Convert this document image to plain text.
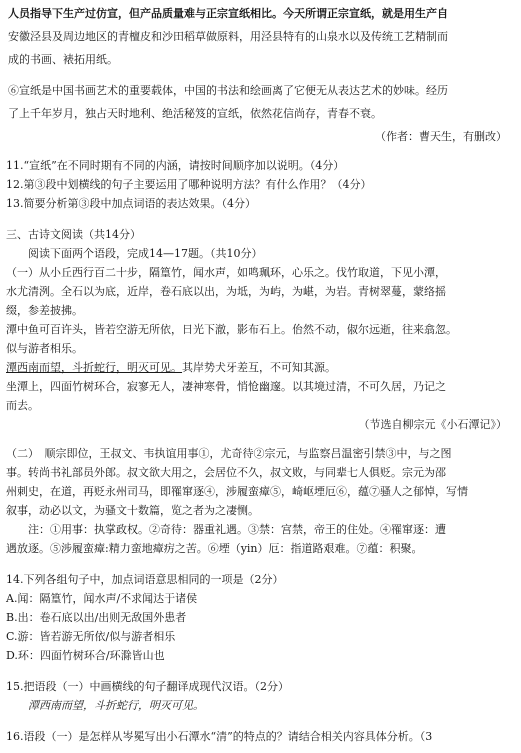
人员指导下生产过仿宣，但产品质量难与正宗宣纸相比。今天所谓正宗宣纸，就是用生产自

安徽泾县及周边地区的青檀皮和沙田稻草做原料，用泾县特有的山泉水以及传统工艺精制而

成的书画、裱拓用纸。

⑥宣纸是中国书画艺术的重要载体，中国的书法和绘画离了它便无从表达艺术的妙味。经历

了上千年岁月，独占天时地利、绝活秘笈的宣纸，依然花信尚存，青春不衰。

（作者：曹天生，有删改）

11.“宣纸”在不同时期有不同的内涵，请按时间顺序加以说明。（4分）

12.第③段中划横线的句子主要运用了哪种说明方法？有什么作用？（4分）

13.简要分析第③段中加点词语的表达效果。（4分）

三、古诗文阅读（共14分）

阅读下面两个语段，完成14—17题。（共10分）

（一）从小丘西行百二十步，隔篁竹，闻水声，如鸣珮环，心乐之。伐竹取道，下见小潭，

水尤清洌。全石以为底，近岸，卷石底以出，为坻，为屿，为嵁，为岩。青树翠蔓，蒙络摇

缀，参差披拂。

潭中鱼可百许头，皆若空游无所依，日光下澈，影布石上。佁然不动，俶尔远逝，往来翕忽。

似与游者相乐。

潭西南而望，斗折蛇行，明灭可见。其岸势犬牙差互，不可知其源。

坐潭上，四面竹树环合，寂寥无人，凄神寒骨，悄怆幽邃。以其境过清，不可久居，乃记之

而去。

（节选自柳宗元《小石潭记》）

（二）　顺宗即位，王叔文、韦执谊用事①，尤奇待②宗元，与监察吕温密引禁③中，与之图

事。转尚书礼部员外郎。叔文欲大用之，会居位不久，叔文败，与同辈七人俱贬。宗元为邵

州刺史，在道，再贬永州司马，即罹窜逐④，涉履蛮瘴⑤，崎岖堙厄⑥，蕴⑦骚人之郁悼，写情

叙事，动必以文，为骚文十数篇，览之者为之凄恻。

注：①用事：执掌政权。②奇待：器重礼遇。③禁：宫禁，帝王的住处。④罹窜逐：遭

遇放逐。⑤涉履蛮瘴:精力蛮地瘴疠之苦。⑥堙（yin）厄：指道路艰难。⑦蕴：积聚。

14.下列各组句子中，加点词语意思相同的一项是（2分）

A.闻：隔篁竹，闻水声/不求闻达于诸侯

B.出：卷石底以出/出则无敌国外患者

C.游：皆若游无所依/似与游者相乐

D.环：四面竹树环合/环滁皆山也

15.把语段（一）中画横线的句子翻译成现代汉语。（2分）

潭西南而望，斗折蛇行，明灭可见。

16.语段（一）是怎样从岑冕写出小石潭水“清”的特点的？请结合相关内容具体分析。（3
